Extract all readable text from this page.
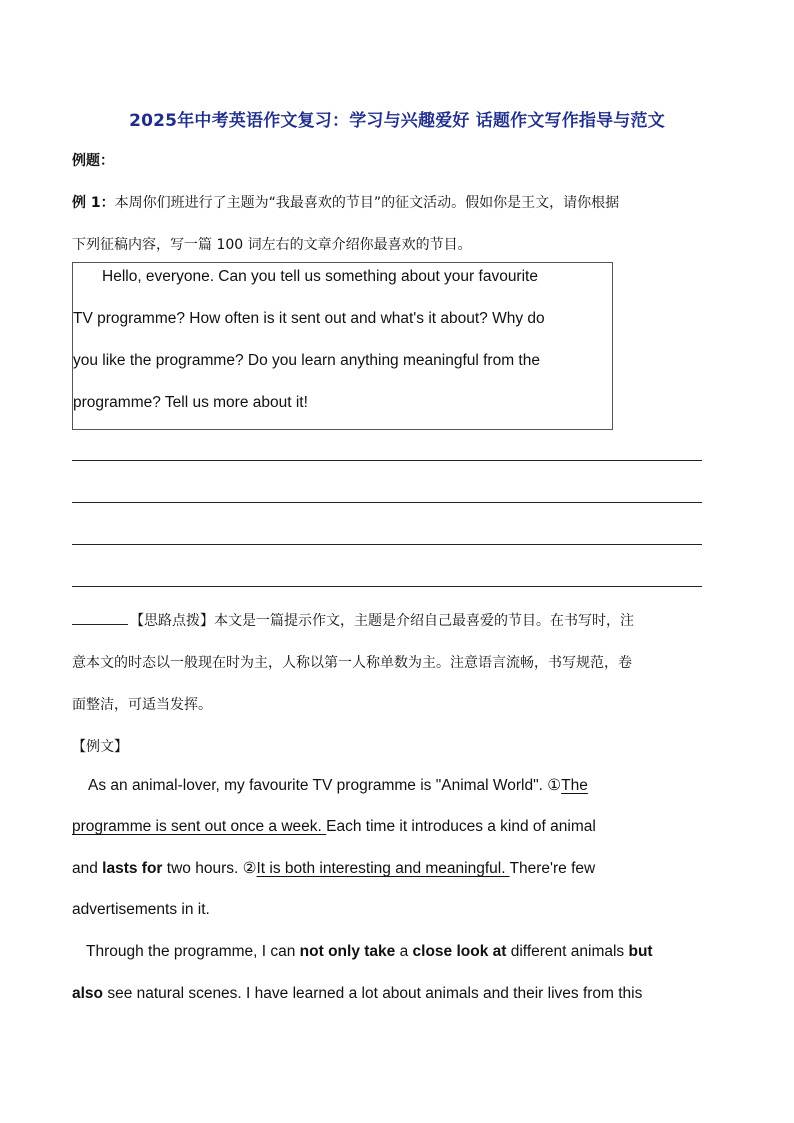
2025年中考英语作文复习：学习与兴趣爱好 话题作文写作指导与范文
例题：
例 1：本周你们班进行了主题为“我最喜欢的节目”的征文活动。假如你是王文，请你根据
下列征稿内容，写一篇 100 词左右的文章介绍你最喜欢的节目。
Hello, everyone. Can you tell us something about your favourite
TV programme? How often is it sent out and what's it about? Why do
you like the programme? Do you learn anything meaningful from the
programme? Tell us more about it!
【思路点拨】本文是一篇提示作文，主题是介绍自己最喜爱的节目。在书写时，注
意本文的时态以一般现在时为主，人称以第一人称单数为主。注意语言流畅，书写规范，卷
面整洁，可适当发挥。
【例文】
As an animal-lover, my favourite TV programme is "Animal World". ①The
programme is sent out once a week. Each time it introduces a kind of animal
and lasts for two hours. ②It is both interesting and meaningful. There're few
advertisements in it.
Through the programme, I can not only take a close look at different animals but
also see natural scenes. I have learned a lot about animals and their lives from this
